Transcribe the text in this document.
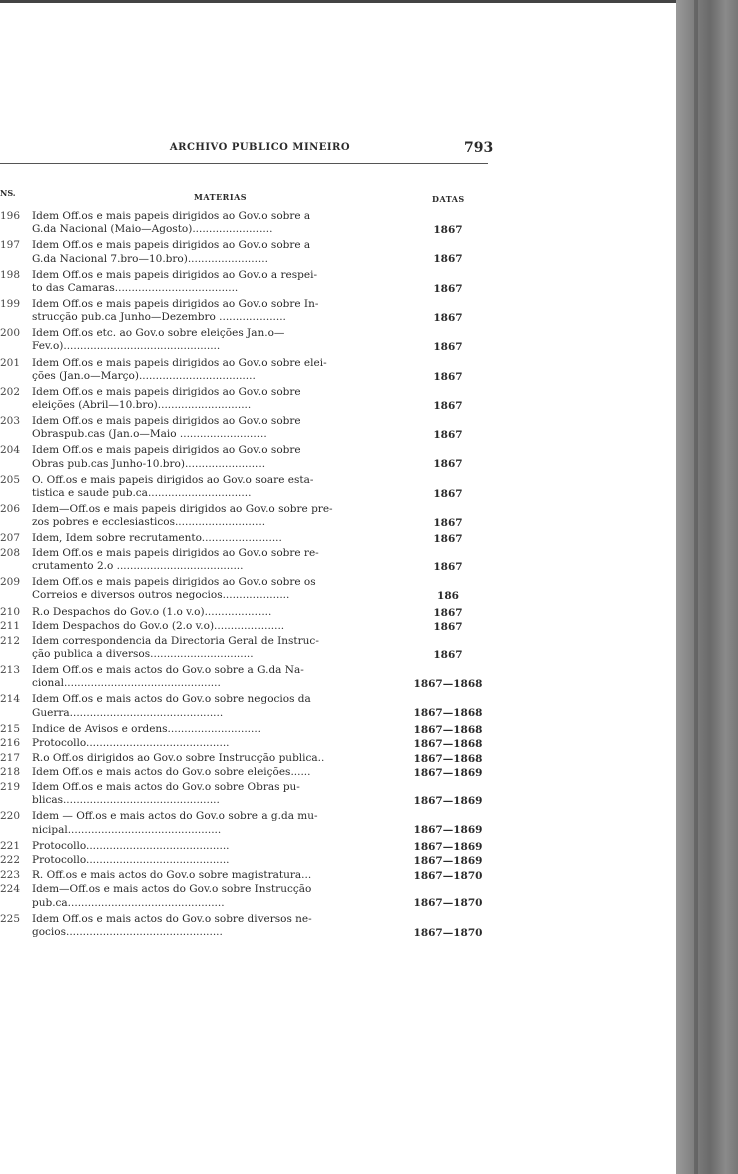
ARCHIVO PUBLICO MINEIRO	793
NS.	MATERIAS	DATAS
196	Idem Off.os e mais papeis dirigidos ao Gov.o sobre a
G.da Nacional (Maio—Agosto)........................	1867
197	Idem Off.os e mais papeis dirigidos ao Gov.o sobre a
G.da Nacional 7.bro—10.bro)........................	1867
198	Idem Off.os e mais papeis dirigidos ao Gov.o a respei-
to das Camaras.....................................	1867
199	Idem Off.os e mais papeis dirigidos ao Gov.o sobre In-
strucção pub.ca Junho—Dezembro ....................	1867
200	Idem Off.os etc. ao Gov.o sobre eleições Jan.o—
Fev.o)...............................................	1867
201	Idem Off.os e mais papeis dirigidos ao Gov.o sobre elei-
ções (Jan.o—Março)...................................	1867
202	Idem Off.os e mais papeis dirigidos ao Gov.o sobre
eleições (Abril—10.bro)............................	1867
203	Idem Off.os e mais papeis dirigidos ao Gov.o sobre
Obraspub.cas (Jan.o—Maio ..........................	1867
204	Idem Off.os e mais papeis dirigidos ao Gov.o sobre
Obras pub.cas Junho-10.bro)........................	1867
205	O. Off.os e mais papeis dirigidos ao Gov.o soare esta-
tistica e saude pub.ca...............................	1867
206	Idem—Off.os e mais papeis dirigidos ao Gov.o sobre pre-
zos pobres e ecclesiasticos...........................	1867
207	Idem, Idem sobre recrutamento........................	1867
208	Idem Off.os e mais papeis dirigidos ao Gov.o sobre re-
crutamento 2.o ......................................	1867
209	Idem Off.os e mais papeis dirigidos ao Gov.o sobre os
Correios e diversos outros negocios....................	186
210	R.o Despachos do Gov.o (1.o v.o)....................	1867
211	Idem Despachos do Gov.o (2.o v.o).....................	1867
212	Idem correspondencia da Directoria Geral de Instruc-
ção publica a diversos...............................	1867
213	Idem Off.os e mais actos do Gov.o sobre a G.da Na-
cional...............................................	1867—1868
214	Idem Off.os e mais actos do Gov.o sobre negocios da
Guerra..............................................	1867—1868
215	Indice de Avisos e ordens............................	1867—1868
216	Protocollo...........................................	1867—1868
217	R.o Off.os dirigidos ao Gov.o sobre Instrucção publica..	1867—1868
218	Idem Off.os e mais actos do Gov.o sobre eleições......	1867—1869
219	Idem Off.os e mais actos do Gov.o sobre Obras pu-
blicas...............................................	1867—1869
220	Idem — Off.os e mais actos do Gov.o sobre a g.da mu-
nicipal..............................................	1867—1869
221	Protocollo...........................................	1867—1869
222	Protocollo...........................................	1867—1869
223	R. Off.os e mais actos do Gov.o sobre magistratura...	1867—1870
224	Idem—Off.os e mais actos do Gov.o sobre Instrucção
pub.ca...............................................	1867—1870
225	Idem Off.os e mais actos do Gov.o sobre diversos ne-
gocios...............................................	1867—1870
